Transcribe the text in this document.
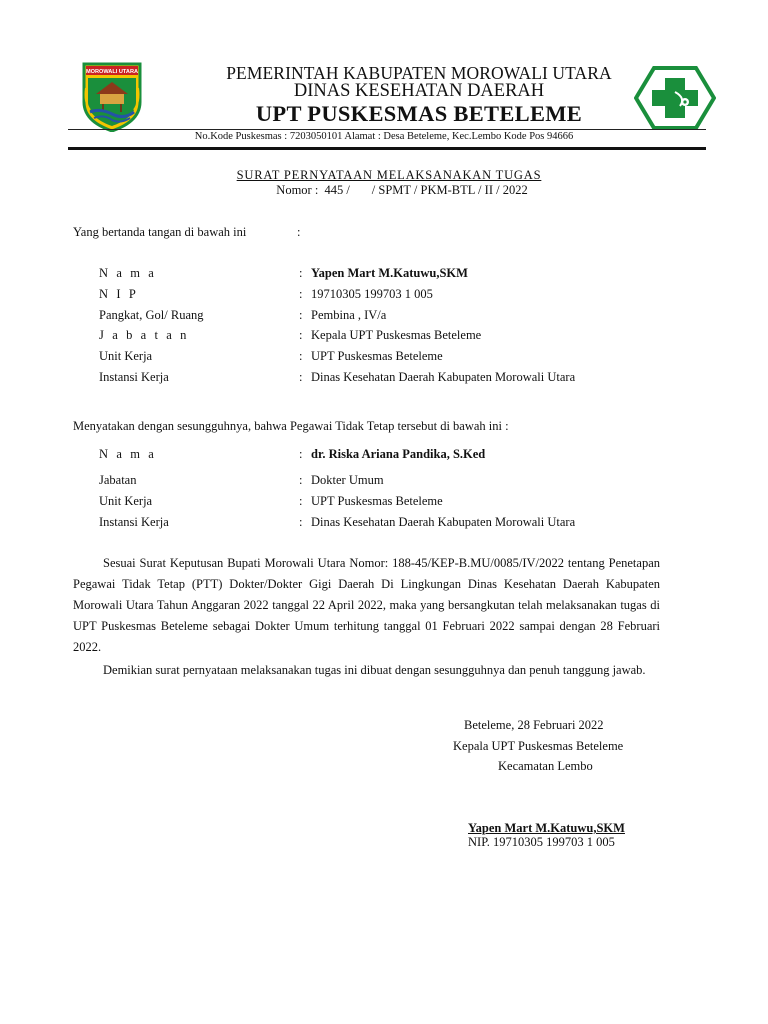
MOROWALI UTARA	PEMERINTAH KABUPATEN MOROWALI UTARA
DINAS KESEHATAN DAERAH
UPT PUSKESMAS BETELEME
No.Kode Puskesmas : 7203050101 Alamat : Desa Beteleme, Kec.Lembo Kode Pos 94666
SURAT PERNYATAAN MELAKSANAKAN TUGAS
Nomor :  445 /       / SPMT / PKM-BTL / II / 2022
Yang bertanda tangan di bawah ini	:
N a m a	: Yapen Mart M.Katuwu,SKM
N I P	: 19710305 199703 1 005
Pangkat, Gol/ Ruang	: Pembina , IV/a
J a b a t a n	: Kepala UPT Puskesmas Beteleme
Unit Kerja	: UPT Puskesmas Beteleme
Instansi Kerja	: Dinas Kesehatan Daerah Kabupaten Morowali Utara
Menyatakan dengan sesungguhnya, bahwa Pegawai Tidak Tetap tersebut di bawah ini :
N a m a	: dr. Riska Ariana Pandika, S.Ked
Jabatan	: Dokter Umum
Unit Kerja	: UPT Puskesmas Beteleme
Instansi Kerja	: Dinas Kesehatan Daerah Kabupaten Morowali Utara
Sesuai Surat Keputusan Bupati Morowali Utara Nomor: 188-45/KEP-B.MU/0085/IV/2022 tentang Penetapan Pegawai Tidak Tetap (PTT) Dokter/Dokter Gigi Daerah Di Lingkungan Dinas Kesehatan Daerah Kabupaten Morowali Utara Tahun Anggaran 2022 tanggal 22 April 2022, maka yang bersangkutan telah melaksanakan tugas di UPT Puskesmas Beteleme sebagai Dokter Umum terhitung tanggal 01 Februari 2022 sampai dengan 28 Februari 2022.
Demikian surat pernyataan melaksanakan tugas ini dibuat dengan sesungguhnya dan penuh tanggung jawab.
Beteleme, 28 Februari 2022
Kepala UPT Puskesmas Beteleme
Kecamatan Lembo
Yapen Mart M.Katuwu,SKM
NIP. 19710305 199703 1 005
